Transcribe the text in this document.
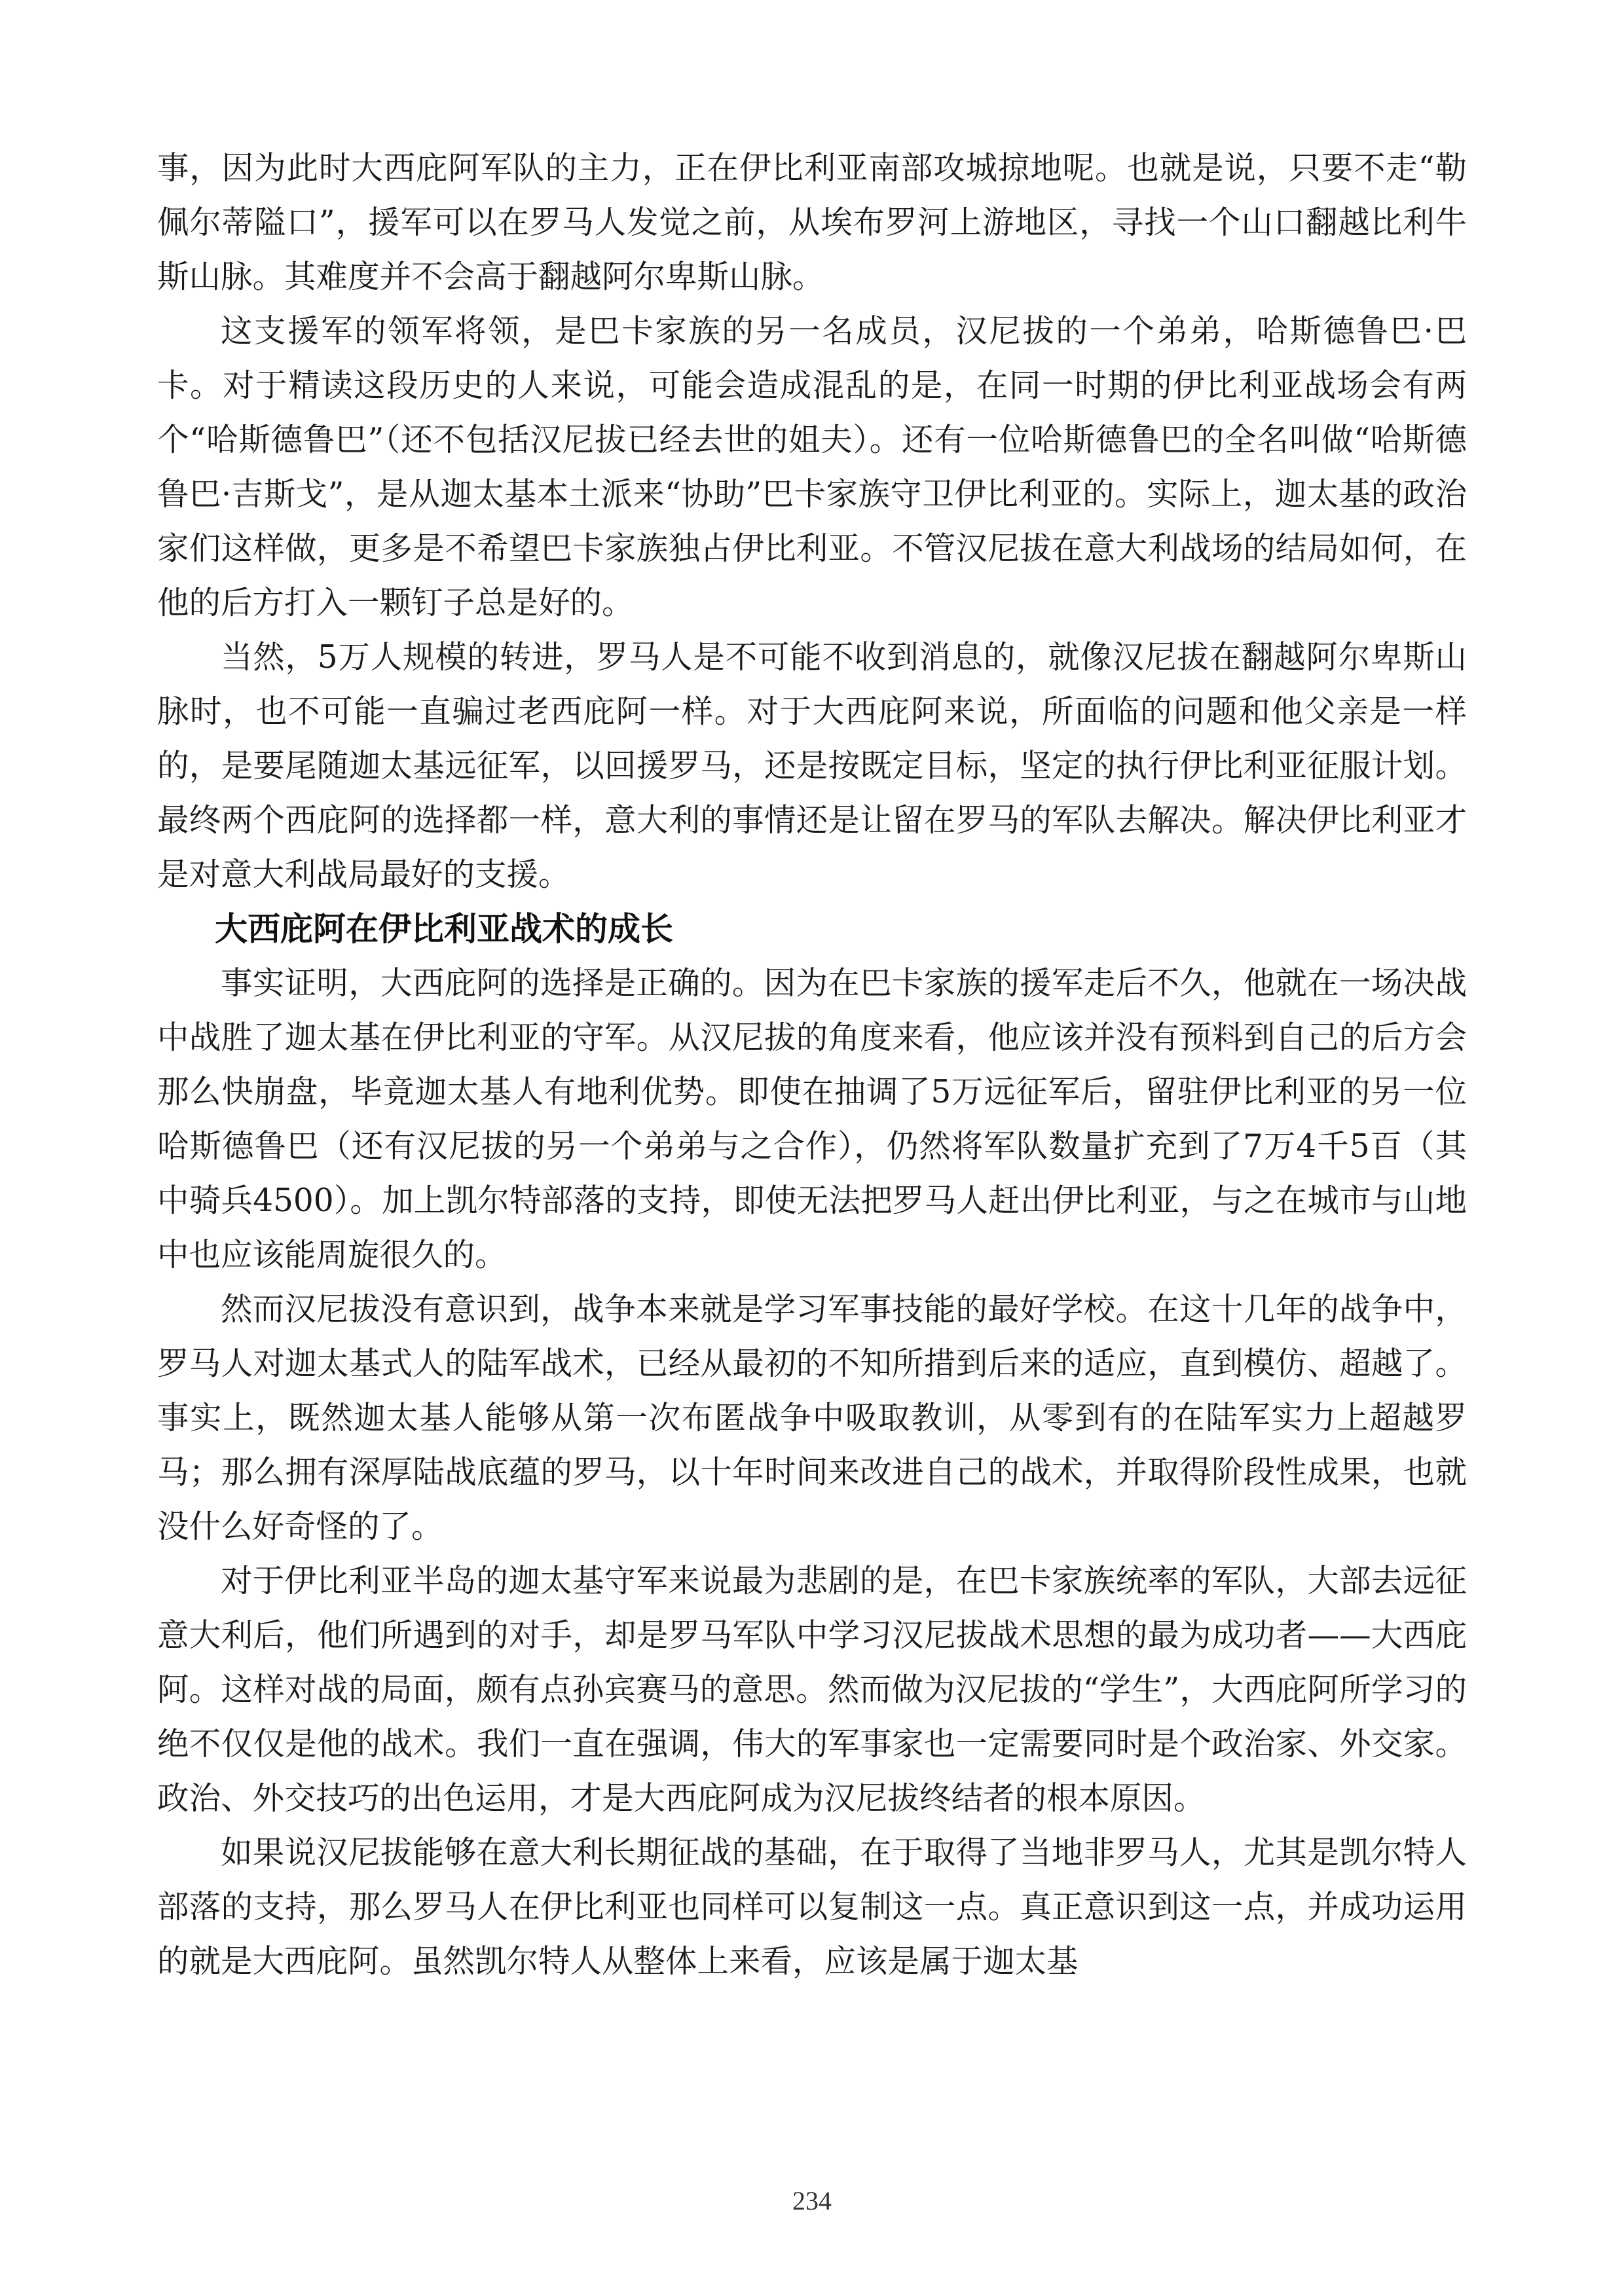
事，因为此时大西庇阿军队的主力，正在伊比利亚南部攻城掠地呢。也就是说，只要不走“勒佩尔蒂隘口”，援军可以在罗马人发觉之前，从埃布罗河上游地区，寻找一个山口翻越比利牛斯山脉。其难度并不会高于翻越阿尔卑斯山脉。

这支援军的领军将领，是巴卡家族的另一名成员，汉尼拔的一个弟弟，哈斯德鲁巴·巴卡。对于精读这段历史的人来说，可能会造成混乱的是，在同一时期的伊比利亚战场会有两个“哈斯德鲁巴”（还不包括汉尼拔已经去世的姐夫）。还有一位哈斯德鲁巴的全名叫做“哈斯德鲁巴·吉斯戈”，是从迦太基本土派来“协助”巴卡家族守卫伊比利亚的。实际上，迦太基的政治家们这样做，更多是不希望巴卡家族独占伊比利亚。不管汉尼拔在意大利战场的结局如何，在他的后方打入一颗钉子总是好的。

当然，5万人规模的转进，罗马人是不可能不收到消息的，就像汉尼拔在翻越阿尔卑斯山脉时，也不可能一直骗过老西庇阿一样。对于大西庇阿来说，所面临的问题和他父亲是一样的，是要尾随迦太基远征军，以回援罗马，还是按既定目标，坚定的执行伊比利亚征服计划。最终两个西庇阿的选择都一样，意大利的事情还是让留在罗马的军队去解决。解决伊比利亚才是对意大利战局最好的支援。

大西庇阿在伊比利亚战术的成长

事实证明，大西庇阿的选择是正确的。因为在巴卡家族的援军走后不久，他就在一场决战中战胜了迦太基在伊比利亚的守军。从汉尼拔的角度来看，他应该并没有预料到自己的后方会那么快崩盘，毕竟迦太基人有地利优势。即使在抽调了5万远征军后，留驻伊比利亚的另一位哈斯德鲁巴（还有汉尼拔的另一个弟弟与之合作），仍然将军队数量扩充到了7万4千5百（其中骑兵4500）。加上凯尔特部落的支持，即使无法把罗马人赶出伊比利亚，与之在城市与山地中也应该能周旋很久的。

然而汉尼拔没有意识到，战争本来就是学习军事技能的最好学校。在这十几年的战争中，罗马人对迦太基式人的陆军战术，已经从最初的不知所措到后来的适应，直到模仿、超越了。事实上，既然迦太基人能够从第一次布匿战争中吸取教训，从零到有的在陆军实力上超越罗马；那么拥有深厚陆战底蕴的罗马，以十年时间来改进自己的战术，并取得阶段性成果，也就没什么好奇怪的了。

对于伊比利亚半岛的迦太基守军来说最为悲剧的是，在巴卡家族统率的军队，大部去远征意大利后，他们所遇到的对手，却是罗马军队中学习汉尼拔战术思想的最为成功者——大西庇阿。这样对战的局面，颇有点孙宾赛马的意思。然而做为汉尼拔的“学生”，大西庇阿所学习的绝不仅仅是他的战术。我们一直在强调，伟大的军事家也一定需要同时是个政治家、外交家。政治、外交技巧的出色运用，才是大西庇阿成为汉尼拔终结者的根本原因。

如果说汉尼拔能够在意大利长期征战的基础，在于取得了当地非罗马人，尤其是凯尔特人部落的支持，那么罗马人在伊比利亚也同样可以复制这一点。真正意识到这一点，并成功运用的就是大西庇阿。虽然凯尔特人从整体上来看，应该是属于迦太基

234
